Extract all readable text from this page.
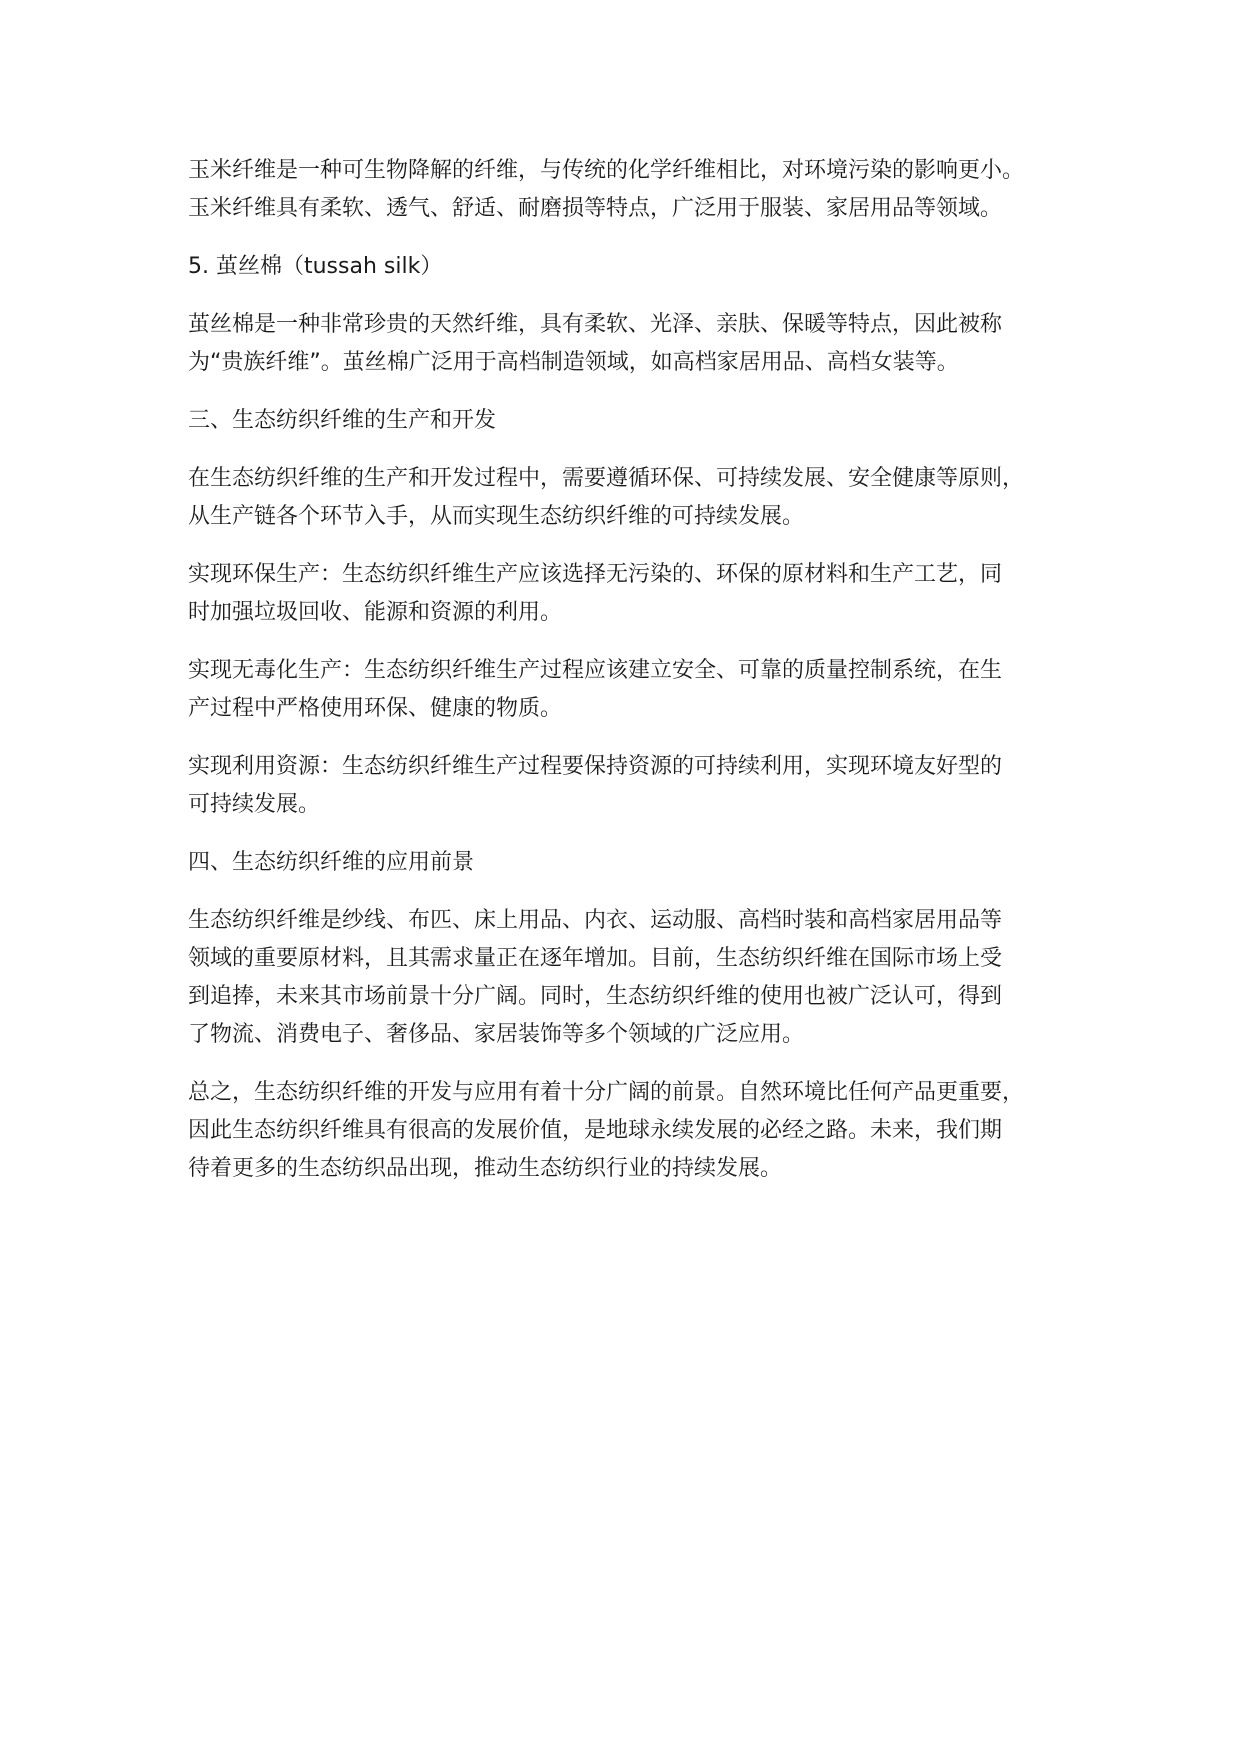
玉米纤维是一种可生物降解的纤维，与传统的化学纤维相比，对环境污染的影响更小。

玉米纤维具有柔软、透气、舒适、耐磨损等特点，广泛用于服装、家居用品等领域。

5. 茧丝棉（tussah silk）

茧丝棉是一种非常珍贵的天然纤维，具有柔软、光泽、亲肤、保暖等特点，因此被称

为“贵族纤维”。茧丝棉广泛用于高档制造领域，如高档家居用品、高档女装等。

三、生态纺织纤维的生产和开发

在生态纺织纤维的生产和开发过程中，需要遵循环保、可持续发展、安全健康等原则，

从生产链各个环节入手，从而实现生态纺织纤维的可持续发展。

实现环保生产：生态纺织纤维生产应该选择无污染的、环保的原材料和生产工艺，同

时加强垃圾回收、能源和资源的利用。

实现无毒化生产：生态纺织纤维生产过程应该建立安全、可靠的质量控制系统，在生

产过程中严格使用环保、健康的物质。

实现利用资源：生态纺织纤维生产过程要保持资源的可持续利用，实现环境友好型的

可持续发展。

四、生态纺织纤维的应用前景

生态纺织纤维是纱线、布匹、床上用品、内衣、运动服、高档时装和高档家居用品等

领域的重要原材料，且其需求量正在逐年增加。目前，生态纺织纤维在国际市场上受

到追捧，未来其市场前景十分广阔。同时，生态纺织纤维的使用也被广泛认可，得到

了物流、消费电子、奢侈品、家居装饰等多个领域的广泛应用。

总之，生态纺织纤维的开发与应用有着十分广阔的前景。自然环境比任何产品更重要，

因此生态纺织纤维具有很高的发展价值，是地球永续发展的必经之路。未来，我们期

待着更多的生态纺织品出现，推动生态纺织行业的持续发展。
